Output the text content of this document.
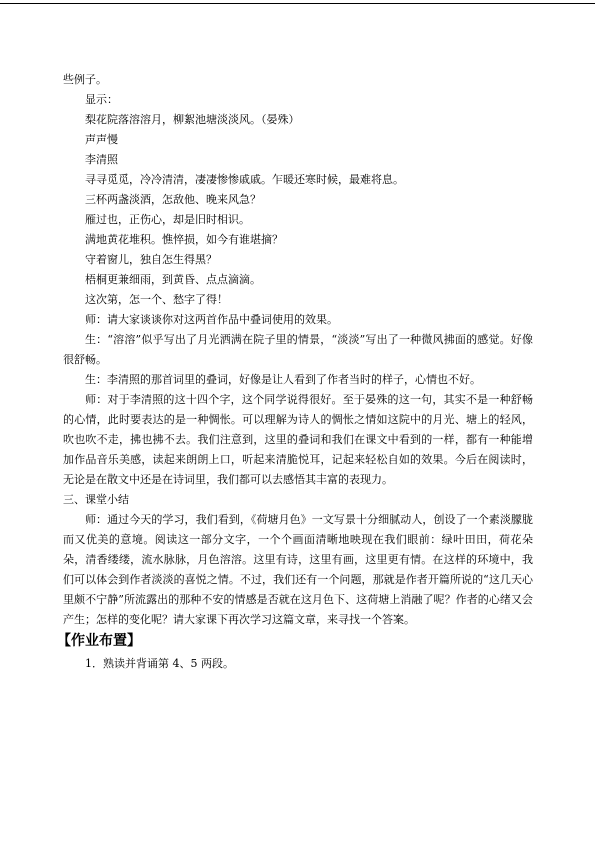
些例子。

显示：

梨花院落溶溶月，柳絮池塘淡淡风。（晏殊）

声声慢

李清照

寻寻觅觅，冷冷清清，凄凄惨惨戚戚。乍暖还寒时候，最难将息。

三杯两盏淡酒，怎敌他、晚来风急？

雁过也，正伤心，却是旧时相识。

满地黄花堆积。憔悴损，如今有谁堪摘？

守着窗儿，独自怎生得黑？

梧桐更兼细雨，到黄昏、点点滴滴。

这次第，怎一个、愁字了得！

师：请大家谈谈你对这两首作品中叠词使用的效果。

生：“溶溶”似乎写出了月光洒满在院子里的情景，“淡淡”写出了一种微风拂面的感觉。好像很舒畅。

生：李清照的那首词里的叠词，好像是让人看到了作者当时的样子，心情也不好。

师：对于李清照的这十四个字，这个同学说得很好。至于晏殊的这一句，其实不是一种舒畅的心情，此时要表达的是一种惆怅。可以理解为诗人的惆怅之情如这院中的月光、塘上的轻风，吹也吹不走，拂也拂不去。我们注意到，这里的叠词和我们在课文中看到的一样，都有一种能增加作品音乐美感，读起来朗朗上口，听起来清脆悦耳，记起来轻松自如的效果。今后在阅读时，无论是在散文中还是在诗词里，我们都可以去感悟其丰富的表现力。

三、课堂小结

师：通过今天的学习，我们看到，《荷塘月色》一文写景十分细腻动人，创设了一个素淡朦胧而又优美的意境。阅读这一部分文字，一个个画面清晰地映现在我们眼前：绿叶田田，荷花朵朵，清香缕缕，流水脉脉，月色溶溶。这里有诗，这里有画，这里更有情。在这样的环境中，我们可以体会到作者淡淡的喜悦之情。不过，我们还有一个问题，那就是作者开篇所说的“这几天心里颇不宁静”所流露出的那种不安的情感是否就在这月色下、这荷塘上消融了呢？作者的心绪又会产生；怎样的变化呢？请大家课下再次学习这篇文章，来寻找一个答案。

【作业布置】

1．熟读并背诵第 4、5 两段。
